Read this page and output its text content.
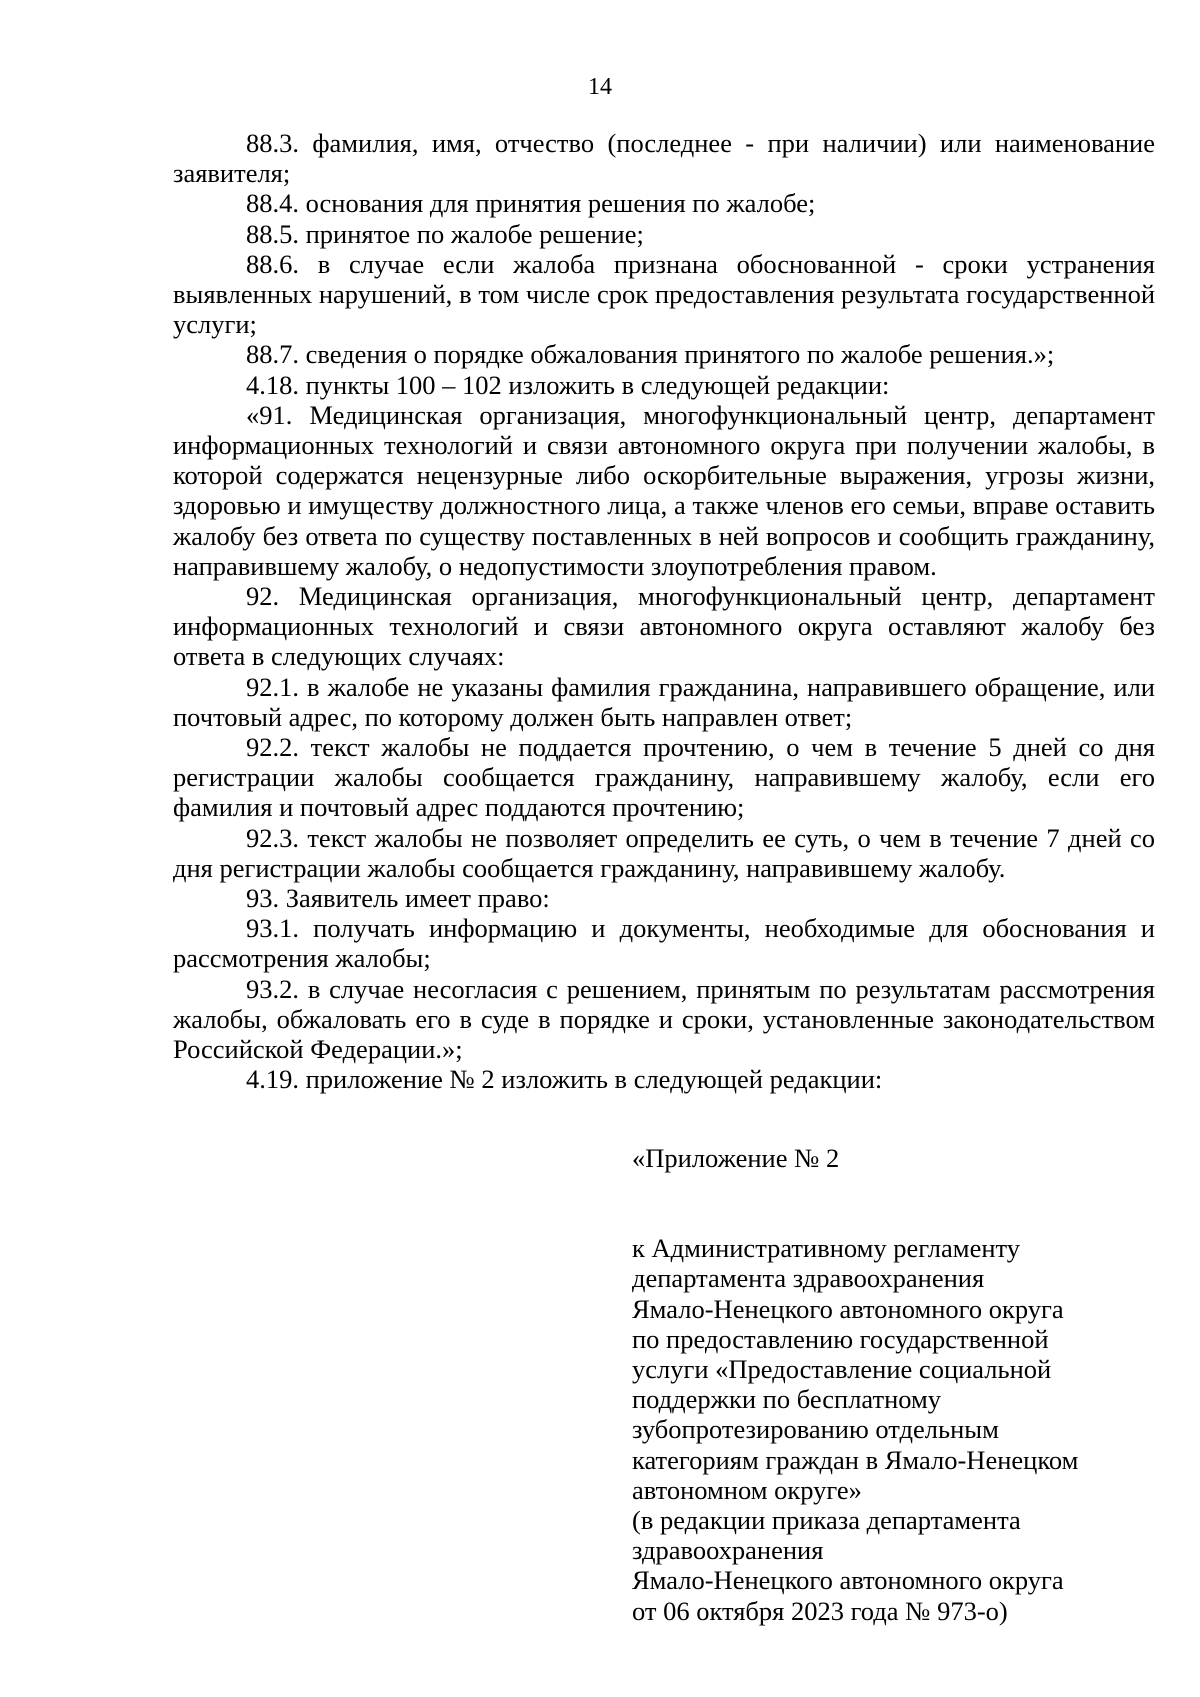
14

88.3. фамилия, имя, отчество (последнее - при наличии) или наименование заявителя;

88.4. основания для принятия решения по жалобе;

88.5. принятое по жалобе решение;

88.6. в случае если жалоба признана обоснованной - сроки устранения выявленных нарушений, в том числе срок предоставления результата государственной услуги;

88.7. сведения о порядке обжалования принятого по жалобе решения.»;

4.18. пункты 100 – 102 изложить в следующей редакции:

«91. Медицинская организация, многофункциональный центр, департамент информационных технологий и связи автономного округа при получении жалобы, в которой содержатся нецензурные либо оскорбительные выражения, угрозы жизни, здоровью и имуществу должностного лица, а также членов его семьи, вправе оставить жалобу без ответа по существу поставленных в ней вопросов и сообщить гражданину, направившему жалобу, о недопустимости злоупотребления правом.

92. Медицинская организация, многофункциональный центр, департамент информационных технологий и связи автономного округа оставляют жалобу без ответа в следующих случаях:

92.1. в жалобе не указаны фамилия гражданина, направившего обращение, или почтовый адрес, по которому должен быть направлен ответ;

92.2. текст жалобы не поддается прочтению, о чем в течение 5 дней со дня регистрации жалобы сообщается гражданину, направившему жалобу, если его фамилия и почтовый адрес поддаются прочтению;

92.3. текст жалобы не позволяет определить ее суть, о чем в течение 7 дней со дня регистрации жалобы сообщается гражданину, направившему жалобу.

93. Заявитель имеет право:

93.1. получать информацию и документы, необходимые для обоснования и рассмотрения жалобы;

93.2. в случае несогласия с решением, принятым по результатам рассмотрения жалобы, обжаловать его в суде в порядке и сроки, установленные законодательством Российской Федерации.»;

4.19. приложение № 2 изложить в следующей редакции:

«Приложение № 2
к Административному регламенту
департамента здравоохранения
Ямало-Ненецкого автономного округа
по предоставлению государственной
услуги «Предоставление социальной
поддержки по бесплатному
зубопротезированию отдельным
категориям граждан в Ямало-Ненецком
автономном округе»
(в редакции приказа департамента
здравоохранения
Ямало-Ненецкого автономного округа
от 06 октября 2023 года № 973-о)
